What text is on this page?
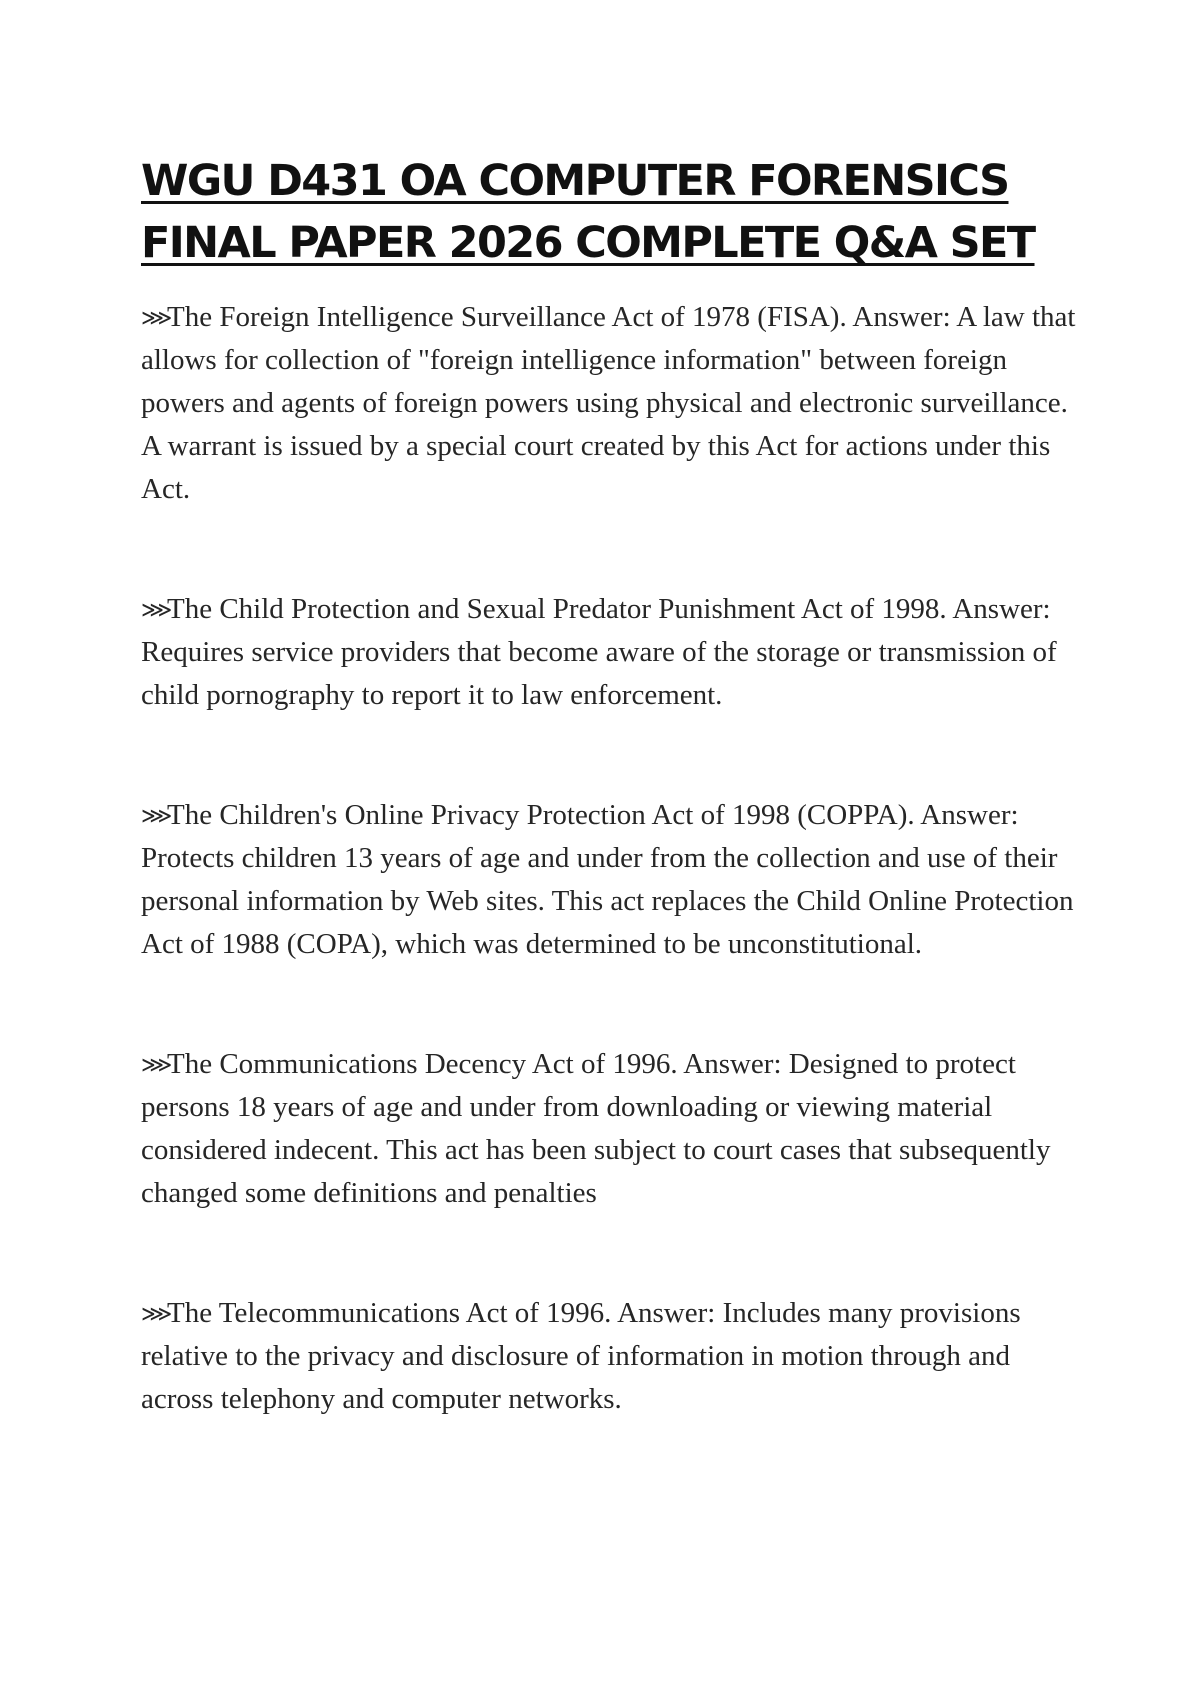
WGU D431 OA COMPUTER FORENSICS
FINAL PAPER 2026 COMPLETE Q&A SET

⋙The Foreign Intelligence Surveillance Act of 1978 (FISA). Answer: A law that allows for collection of "foreign intelligence information" between foreign powers and agents of foreign powers using physical and electronic surveillance. A warrant is issued by a special court created by this Act for actions under this Act.

⋙The Child Protection and Sexual Predator Punishment Act of 1998. Answer: Requires service providers that become aware of the storage or transmission of child pornography to report it to law enforcement.

⋙The Children's Online Privacy Protection Act of 1998 (COPPA). Answer: Protects children 13 years of age and under from the collection and use of their personal information by Web sites. This act replaces the Child Online Protection Act of 1988 (COPA), which was determined to be unconstitutional.

⋙The Communications Decency Act of 1996. Answer: Designed to protect persons 18 years of age and under from downloading or viewing material considered indecent. This act has been subject to court cases that subsequently changed some definitions and penalties

⋙The Telecommunications Act of 1996. Answer: Includes many provisions relative to the privacy and disclosure of information in motion through and across telephony and computer networks.
